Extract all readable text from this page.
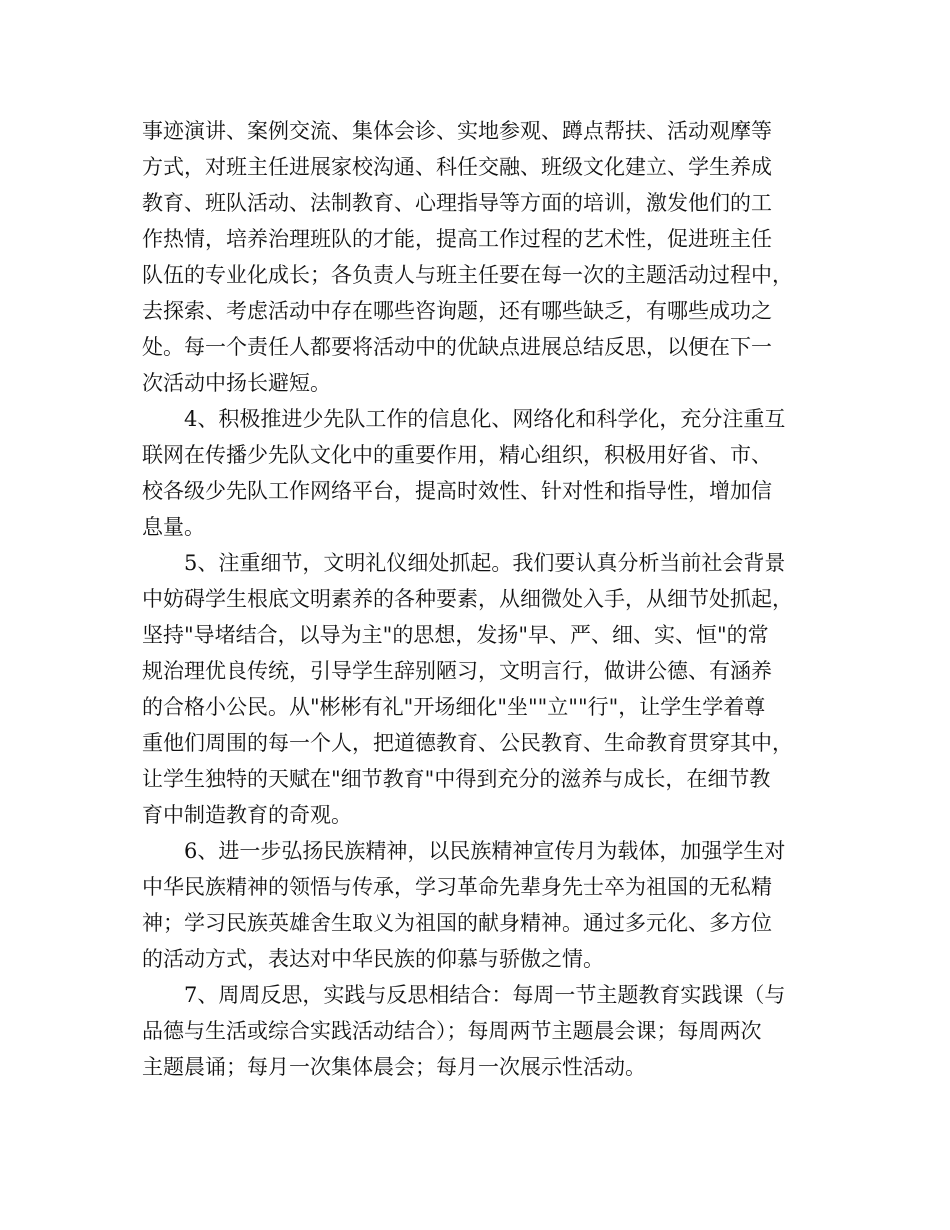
事迹演讲、案例交流、集体会诊、实地参观、蹲点帮扶、活动观摩等
方式，对班主任进展家校沟通、科任交融、班级文化建立、学生养成
教育、班队活动、法制教育、心理指导等方面的培训，激发他们的工
作热情，培养治理班队的才能，提高工作过程的艺术性，促进班主任
队伍的专业化成长；各负责人与班主任要在每一次的主题活动过程中，
去探索、考虑活动中存在哪些咨询题，还有哪些缺乏，有哪些成功之
处。每一个责任人都要将活动中的优缺点进展总结反思，以便在下一
次活动中扬长避短。
4、积极推进少先队工作的信息化、网络化和科学化，充分注重互
联网在传播少先队文化中的重要作用，精心组织，积极用好省、市、
校各级少先队工作网络平台，提高时效性、针对性和指导性，增加信
息量。
5、注重细节，文明礼仪细处抓起。我们要认真分析当前社会背景
中妨碍学生根底文明素养的各种要素，从细微处入手，从细节处抓起，
坚持"导堵结合，以导为主"的思想，发扬"早、严、细、实、恒"的常
规治理优良传统，引导学生辞别陋习，文明言行，做讲公德、有涵养
的合格小公民。从"彬彬有礼"开场细化"坐""立""行"，让学生学着尊
重他们周围的每一个人，把道德教育、公民教育、生命教育贯穿其中，
让学生独特的天赋在"细节教育"中得到充分的滋养与成长，在细节教
育中制造教育的奇观。
6、进一步弘扬民族精神，以民族精神宣传月为载体，加强学生对
中华民族精神的领悟与传承，学习革命先辈身先士卒为祖国的无私精
神；学习民族英雄舍生取义为祖国的献身精神。通过多元化、多方位
的活动方式，表达对中华民族的仰慕与骄傲之情。
7、周周反思，实践与反思相结合：每周一节主题教育实践课（与
品德与生活或综合实践活动结合）；每周两节主题晨会课；每周两次
主题晨诵；每月一次集体晨会；每月一次展示性活动。
